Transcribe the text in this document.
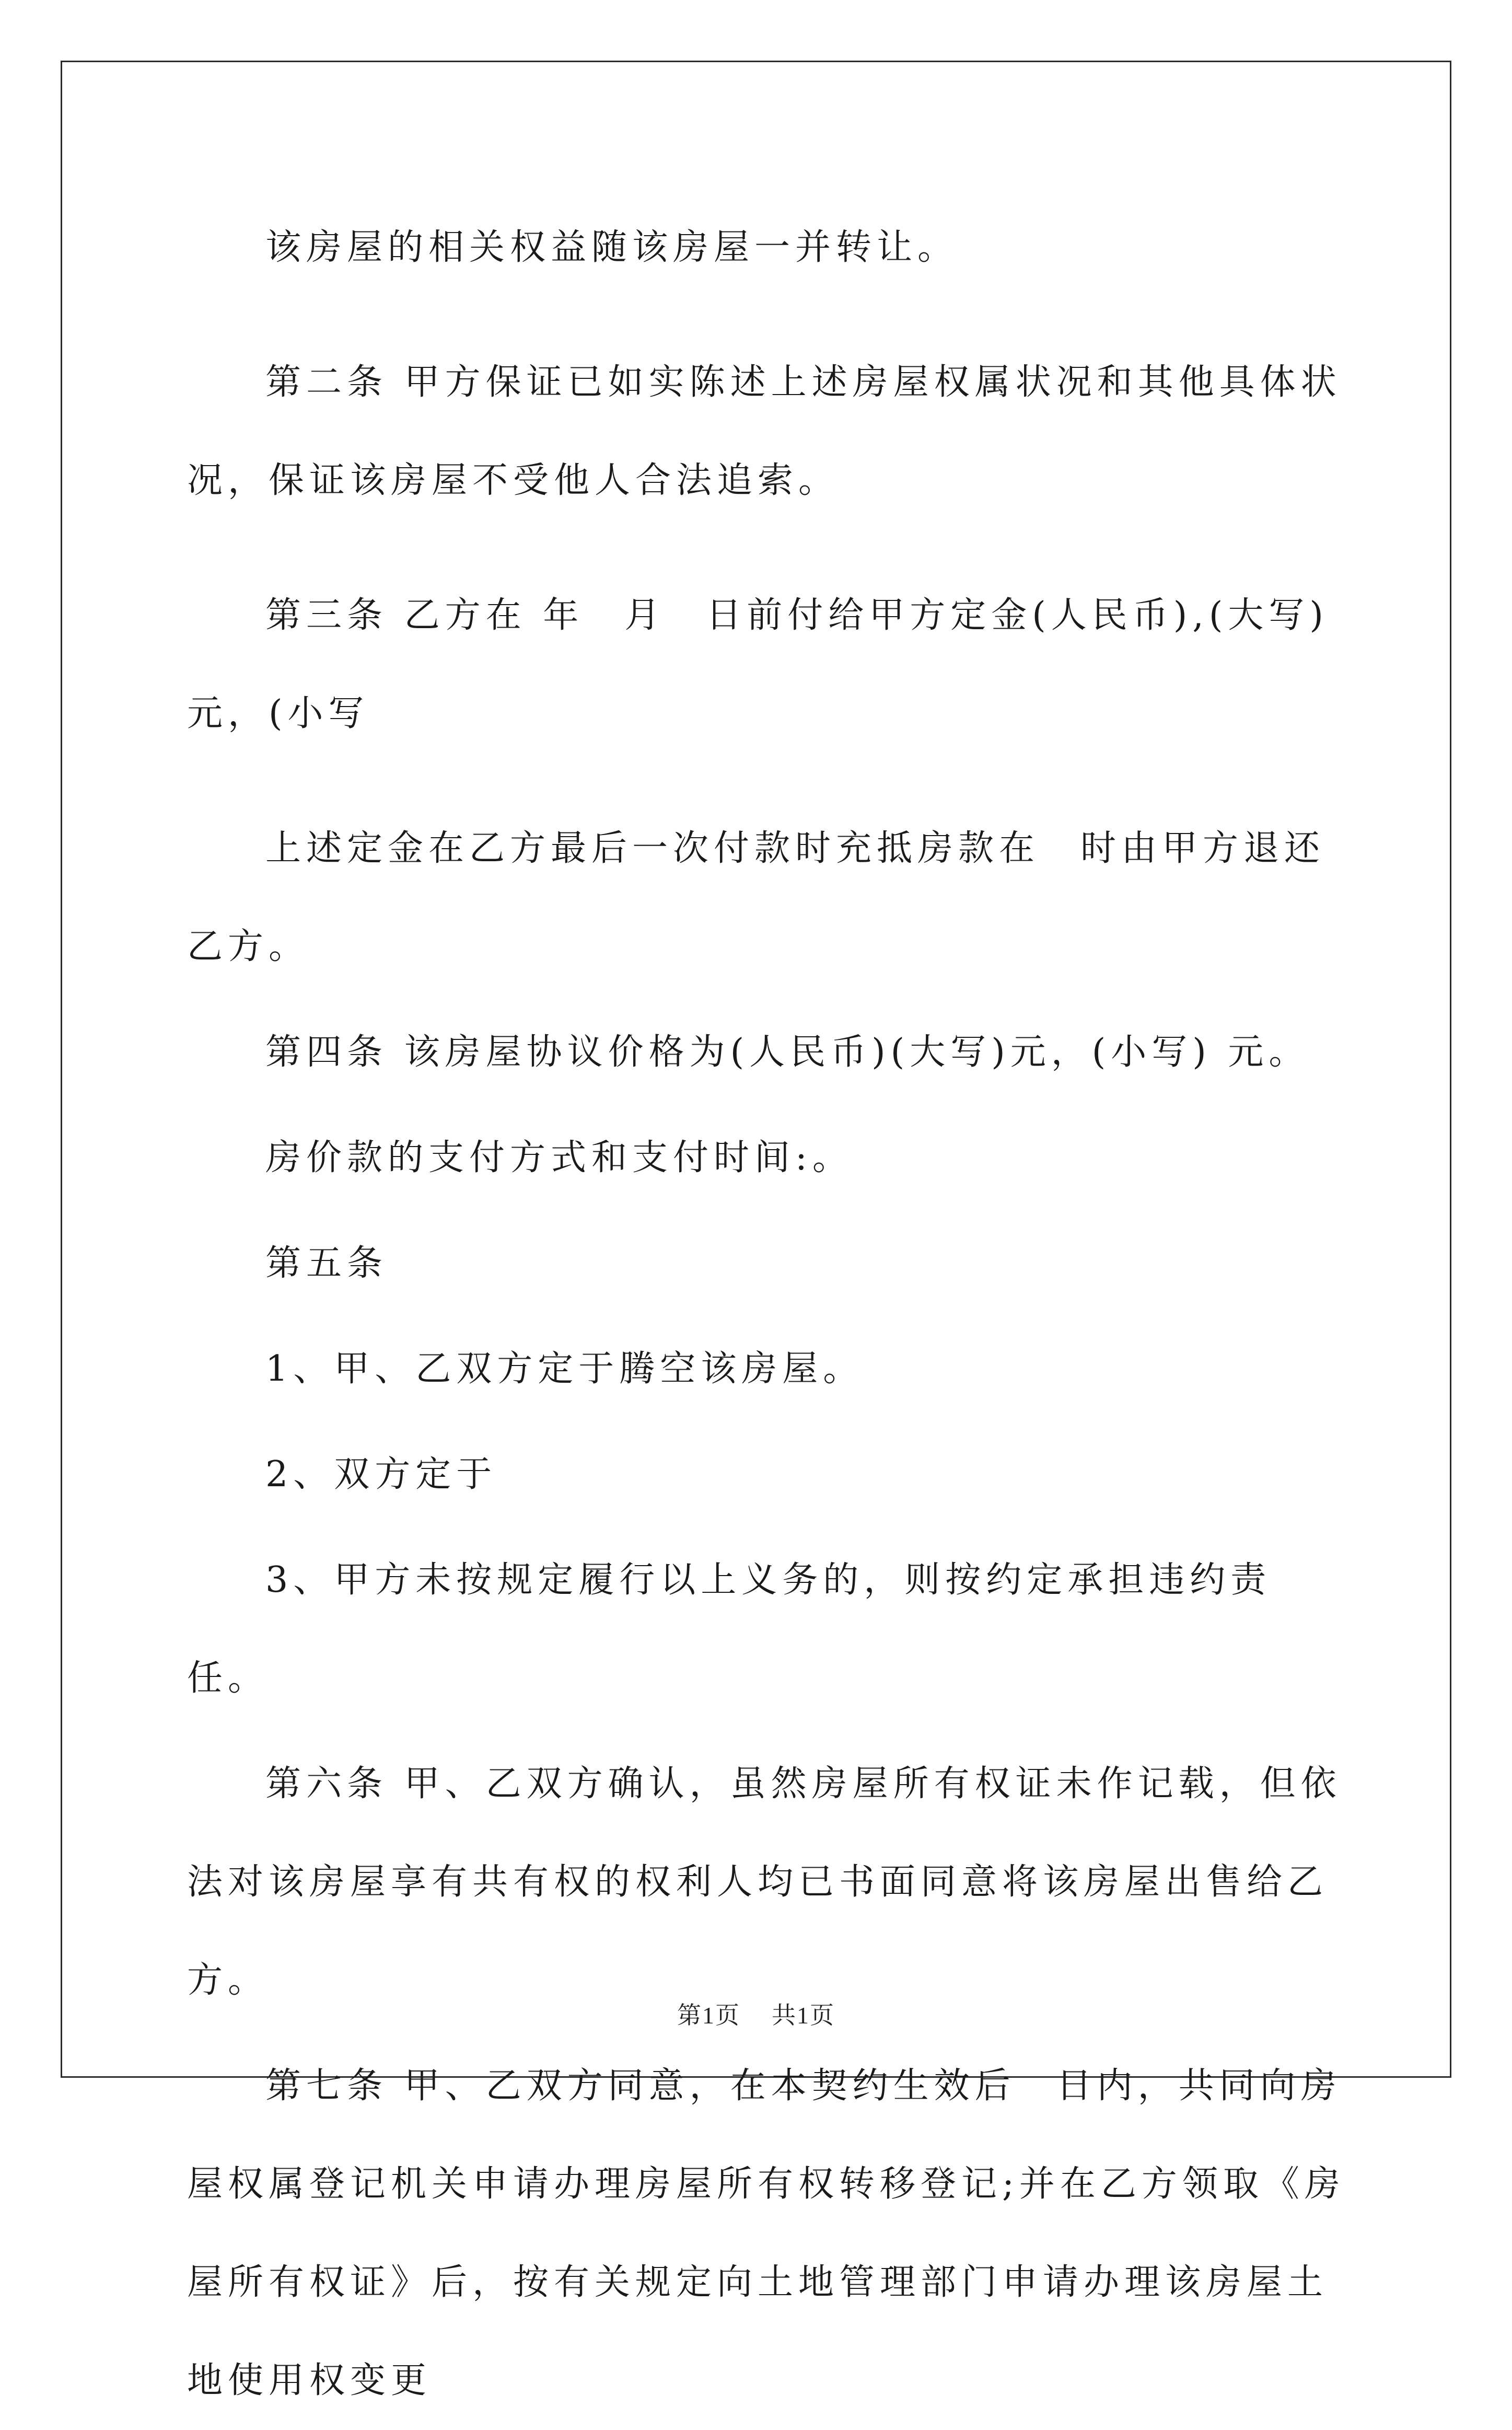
该房屋的相关权益随该房屋一并转让。

第二条 甲方保证已如实陈述上述房屋权属状况和其他具体状况，保证该房屋不受他人合法追索。

第三条 乙方在 年　月　日前付给甲方定金(人民币),(大写) 元，(小写

上述定金在乙方最后一次付款时充抵房款在　时由甲方退还乙方。

第四条 该房屋协议价格为(人民币)(大写)元，(小写) 元。

房价款的支付方式和支付时间:。

第五条

1、甲、乙双方定于腾空该房屋。

2、双方定于

3、甲方未按规定履行以上义务的，则按约定承担违约责任。

第六条 甲、乙双方确认，虽然房屋所有权证未作记载，但依法对该房屋享有共有权的权利人均已书面同意将该房屋出售给乙方。

第七条 甲、乙双方同意，在本契约生效后　日内，共同向房屋权属登记机关申请办理房屋所有权转移登记;并在乙方领取《房屋所有权证》后，按有关规定向土地管理部门申请办理该房屋土地使用权变更

第1页 共1页
